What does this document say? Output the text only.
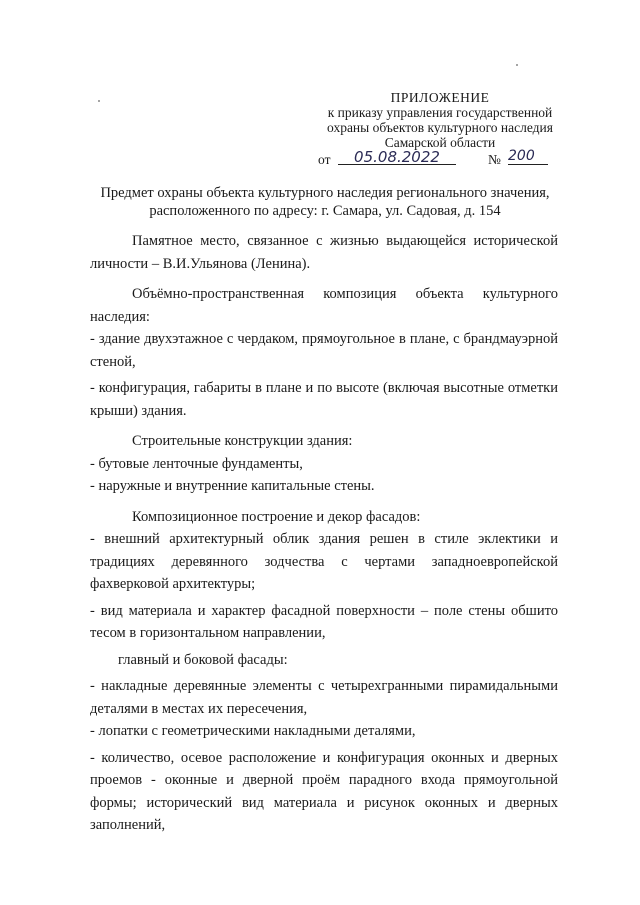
ПРИЛОЖЕНИЕ
к приказу управления государственной
охраны объектов культурного наследия
Самарской области
от	05.08.2022	№ 200
Предмет охраны объекта культурного наследия регионального значения,
расположенного по адресу: г. Самара, ул. Садовая, д. 154

Памятное место, связанное с жизнью выдающейся исторической личности – В.И.Ульянова (Ленина).

Объёмно-пространственная композиция объекта культурного наследия:

- здание двухэтажное с чердаком, прямоугольное в плане, с брандмауэрной стеной,

- конфигурация, габариты в плане и по высоте (включая высотные отметки крыши) здания.

Строительные конструкции здания:

- бутовые ленточные фундаменты,

- наружные и внутренние капитальные стены.

Композиционное построение и декор фасадов:

- внешний архитектурный облик здания решен в стиле эклектики и традициях деревянного зодчества с чертами западноевропейской фахверковой архитектуры;

- вид материала и характер фасадной поверхности – поле стены обшито тесом в горизонтальном направлении,

главный и боковой фасады:

- накладные деревянные элементы с четырехгранными пирамидальными деталями в местах их пересечения,

- лопатки с геометрическими накладными деталями,

- количество, осевое расположение и конфигурация оконных и дверных проемов - оконные и дверной проём парадного входа прямоугольной формы; исторический вид материала и рисунок оконных и дверных заполнений,
